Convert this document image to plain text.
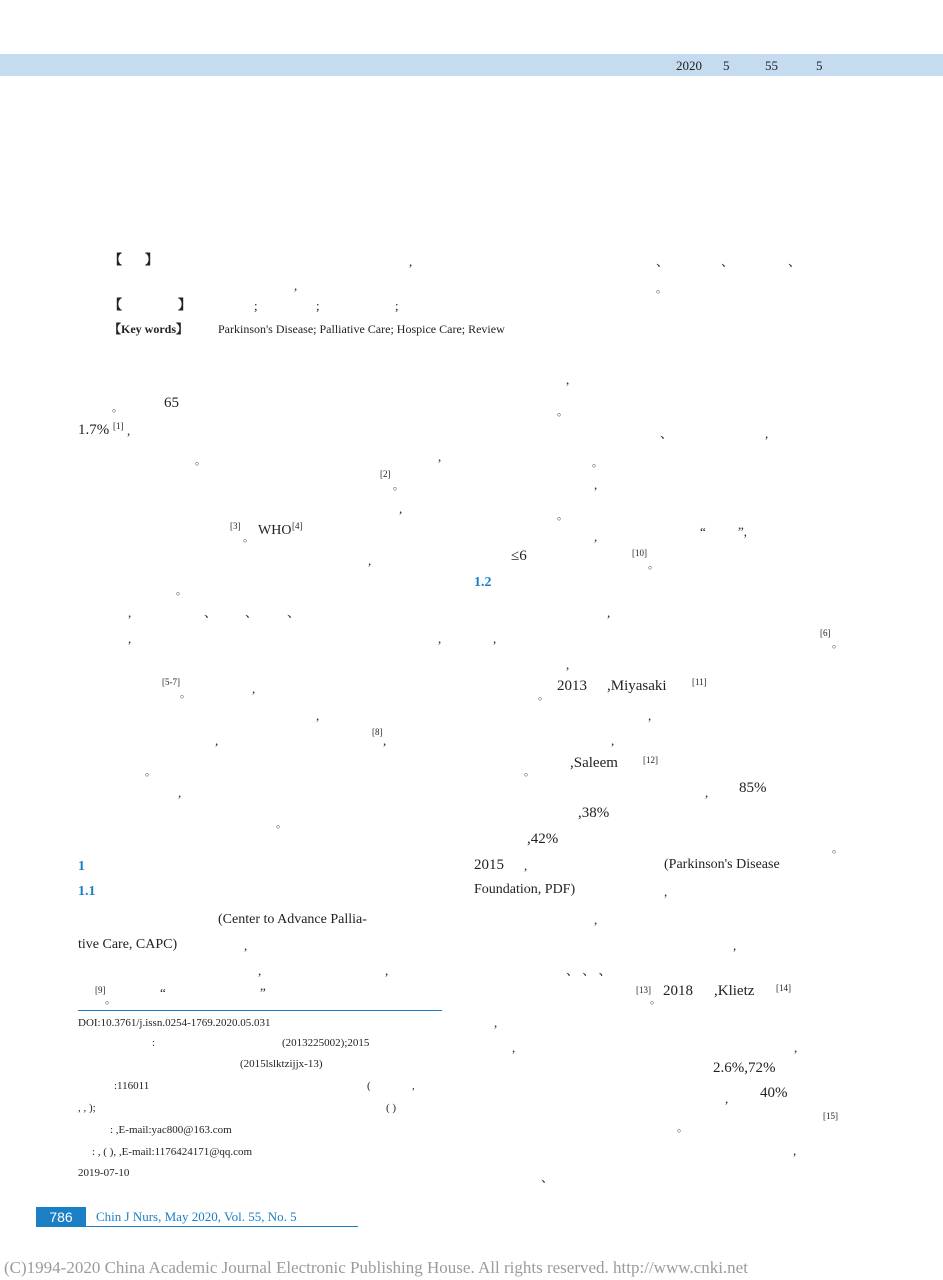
2020 5	55	5
【 】	,	、	、	、
,	。
【	】	;	;	;
【Key words】	Parkinson's Disease; Palliative Care; Hospice Care; Review
。	65
1.7% [1] ,
。	,
[2]
。
,
[3]
。 WHO [4]
,
。
,	、 、 、
,	,
[5-7]
。	,
,
,
[8]
,
。
,
。
1
1.1
(Center to Advance Pallia-
tive Care, CAPC)	,
,	,
[9]
。	“	”
DOI:10.3761/j.issn.0254-1769.2020.05.031
:	(2013225002);2015
(2015lslktzijjx-13)
:116011	(	,
, , );	( )
: ,E-mail:yac800@163.com
: , ( ), ,E-mail:1176424171@qq.com
2019-07-10
,
。
、	,
。
,
。
,	“ ”,
≤6	[10]
。
1.2
,
,	[6]
。
,
。
2013 ,Miyasaki	[11]
,
,
。
,Saleem	[12]
, 85%
,38%
,42%
。
2015 ,	(Parkinson's Disease
Foundation, PDF)	,
,
,
、 、 、
[13]
。
2018 ,Klietz [14]
,
,	,
2.6%,72%
, 40%
。
[15]
,
、
786	Chin J Nurs, May 2020, Vol. 55, No. 5
(C)1994-2020 China Academic Journal Electronic Publishing House. All rights reserved. http://www.cnki.net
